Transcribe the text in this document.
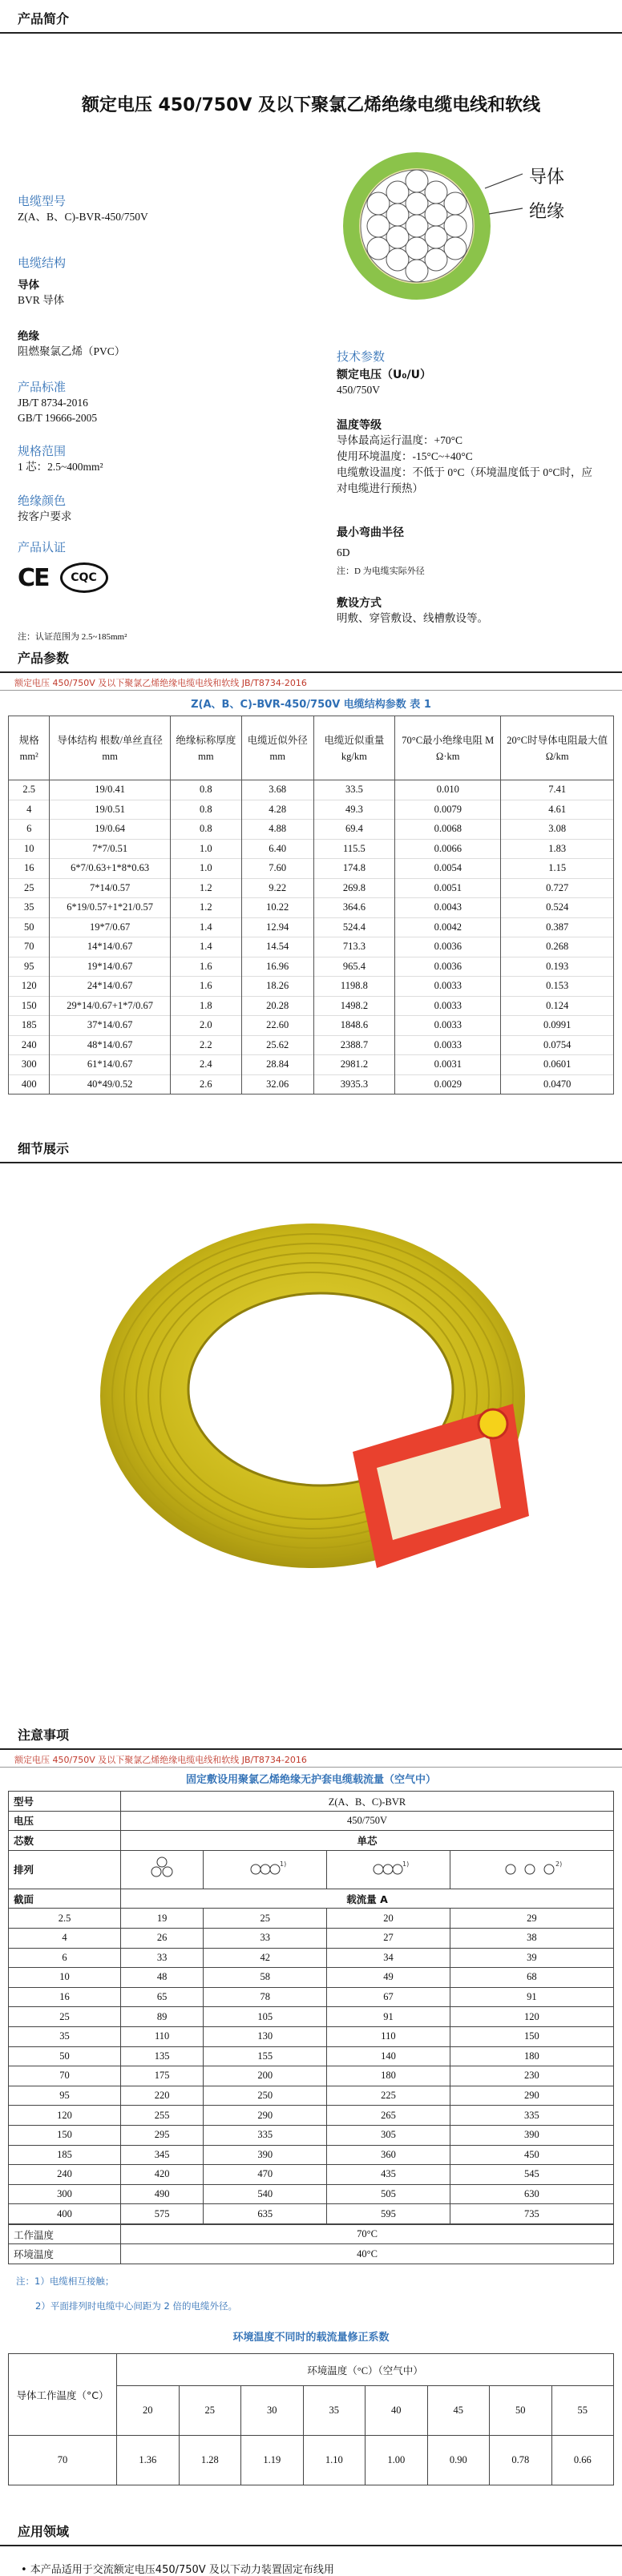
产品简介
额定电压 450/750V 及以下聚氯乙烯绝缘电缆电线和软线
导体
绝缘
电缆型号
Z(A、B、C)-BVR-450/750V
电缆结构
导体
BVR 导体
绝缘
阻燃聚氯乙烯（PVC）
产品标准
JB/T 8734-2016
GB/T 19666-2005
规格范围
1 芯：2.5~400mm²
绝缘颜色
按客户要求
产品认证
CE CQC
注：认证范围为 2.5~185mm²
技术参数
额定电压（U₀/U）
450/750V
温度等级
导体最高运行温度：+70°C
使用环境温度：-15°C~+40°C
电缆敷设温度：不低于 0°C（环境温度低于 0°C时，应
对电缆进行预热）
最小弯曲半径
6D
注：D 为电缆实际外径
敷设方式
明敷、穿管敷设、线槽敷设等。
产品参数
额定电压 450/750V 及以下聚氯乙烯绝缘电缆电线和软线 JB/T8734-2016
Z(A、B、C)-BVR-450/750V 电缆结构参数 表 1
规格 mm²	导体结构 根数/单丝直径 mm	绝缘标称厚度 mm	电缆近似外径 mm	电缆近似重量 kg/km	70°C最小绝缘电阻 M Ω·km	20°C时导体电阻最大值 Ω/km
2.5	19/0.41	0.8	3.68	33.5	0.010	7.41
4	19/0.51	0.8	4.28	49.3	0.0079	4.61
6	19/0.64	0.8	4.88	69.4	0.0068	3.08
10	7*7/0.51	1.0	6.40	115.5	0.0066	1.83
16	6*7/0.63+1*8*0.63	1.0	7.60	174.8	0.0054	1.15
25	7*14/0.57	1.2	9.22	269.8	0.0051	0.727
35	6*19/0.57+1*21/0.57	1.2	10.22	364.6	0.0043	0.524
50	19*7/0.67	1.4	12.94	524.4	0.0042	0.387
70	14*14/0.67	1.4	14.54	713.3	0.0036	0.268
95	19*14/0.67	1.6	16.96	965.4	0.0036	0.193
120	24*14/0.67	1.6	18.26	1198.8	0.0033	0.153
150	29*14/0.67+1*7/0.67	1.8	20.28	1498.2	0.0033	0.124
185	37*14/0.67	2.0	22.60	1848.6	0.0033	0.0991
240	48*14/0.67	2.2	25.62	2388.7	0.0033	0.0754
300	61*14/0.67	2.4	28.84	2981.2	0.0031	0.0601
400	40*49/0.52	2.6	32.06	3935.3	0.0029	0.0470
细节展示
注意事项
额定电压 450/750V 及以下聚氯乙烯绝缘电缆电线和软线 JB/T8734-2016
固定敷设用聚氯乙烯绝缘无护套电缆载流量（空气中）
型号	Z(A、B、C)-BVR			
电压	450/750V			
芯数	单芯			
排列		1)	1)	2)

截面	载流量 A			
2.5	19	25	20	29
4	26	33	27	38
6	33	42	34	39
10	48	58	49	68
16	65	78	67	91
25	89	105	91	120
35	110	130	110	150
50	135	155	140	180
70	175	200	180	230
95	220	250	225	290
120	255	290	265	335
150	295	335	305	390
185	345	390	360	450
240	420	470	435	545
300	490	540	505	630
400	575	635	595	735
工作温度	70°C
环境温度	40°C
注：1）电缆相互接触；
2）平面排列时电缆中心间距为 2 倍的电缆外径。
环境温度不同时的载流量修正系数
导体工作温度（°C）	环境温度（°C）（空气中）							
	20	25	30	35	40	45	50	55
70	1.36	1.28	1.19	1.10	1.00	0.90	0.78	0.66
应用领域
• 本产品适用于交流额定电压450/750V 及以下动力装置固定布线用
